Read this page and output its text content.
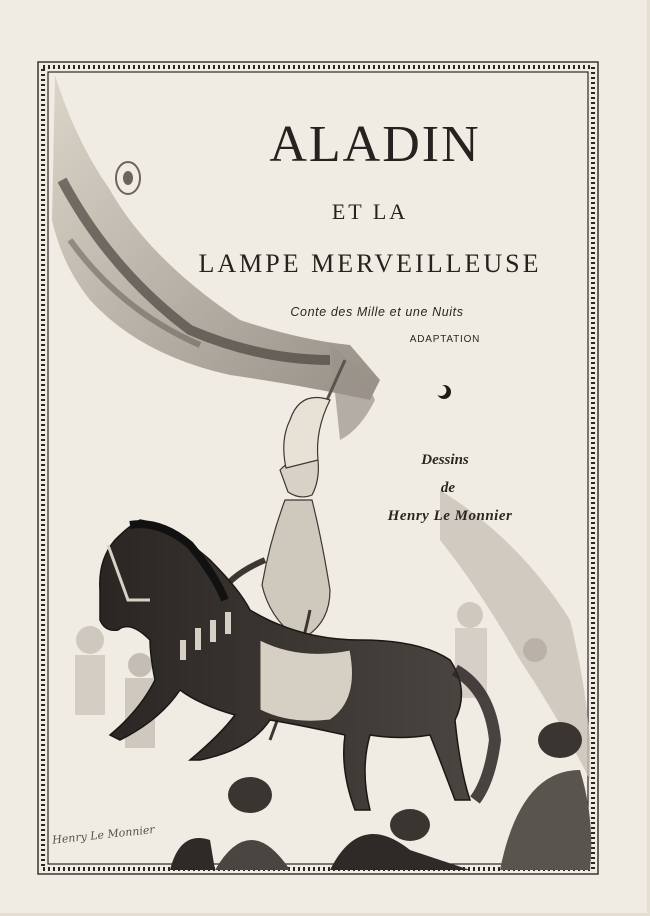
ALADIN
ET LA
LAMPE MERVEILLEUSE
Conte des Mille et une Nuits
ADAPTATION
Dessins
de
Henry Le Monnier
Henry Le Monnier
